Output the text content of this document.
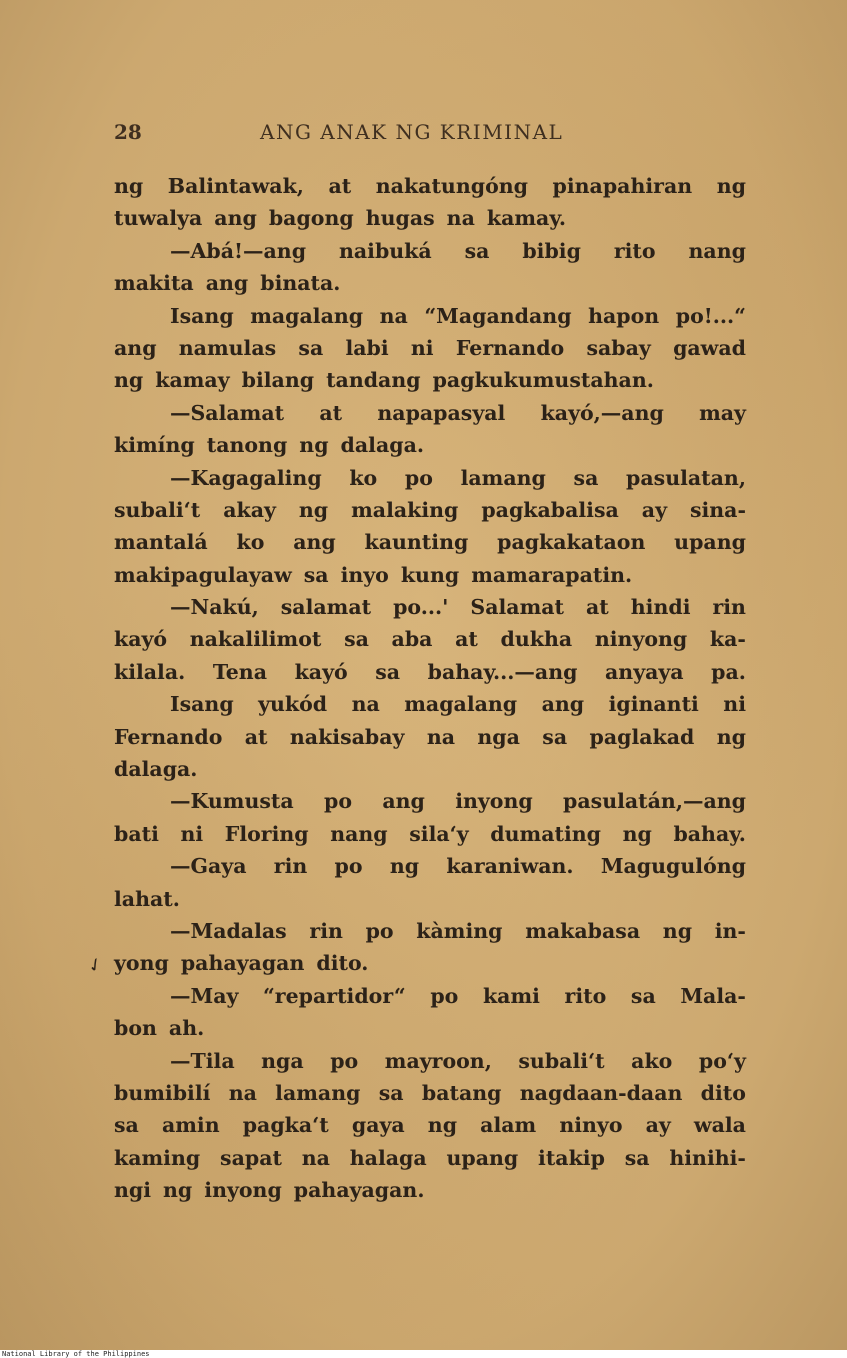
28	ANG ANAK NG KRIMINAL
ng Balintawak, at nakatungóng pinapahiran ng
tuwalya ang bagong hugas na kamay.
—Abá!—ang naibuká sa bibig rito nang
makita ang binata.
Isang magalang na “Magandang hapon po!...“
ang namulas sa labi ni Fernando sabay gawad
ng kamay bilang tandang pagkukumustahan.
—Salamat at napapasyal kayó,—ang may
kimíng tanong ng dalaga.
—Kagagaling ko po lamang sa pasulatan,
subali‘t akay ng malaking pagkabalisa ay sina-
mantalá ko ang kaunting pagkakataon upang
makipagulayaw sa inyo kung mamarapatin.
—Nakú, salamat po...' Salamat at hindi rin
kayó nakalilimot sa aba at dukha ninyong ka-
kilala. Tena kayó sa bahay...—ang anyaya pa.
Isang yukód na magalang ang iginanti ni
Fernando at nakisabay na nga sa paglakad ng
dalaga.
—Kumusta po ang inyong pasulatán,—ang
bati ni Floring nang sila‘y dumating ng bahay.
—Gaya rin po ng karaniwan. Magugulóng
lahat.
—Madalas rin po kàming makabasa ng in-
yong pahayagan dito.
—May “repartidor“ po kami rito sa Mala-
bon ah.
—Tila nga po mayroon, subali‘t ako po‘y
bumibilí na lamang sa batang nagdaan-daan dito
sa amin pagka‘t gaya ng alam ninyo ay wala
kaming sapat na halaga upang itakip sa hinihi-
ngi ng inyong pahayagan.
✓
National Library of the Philippines
